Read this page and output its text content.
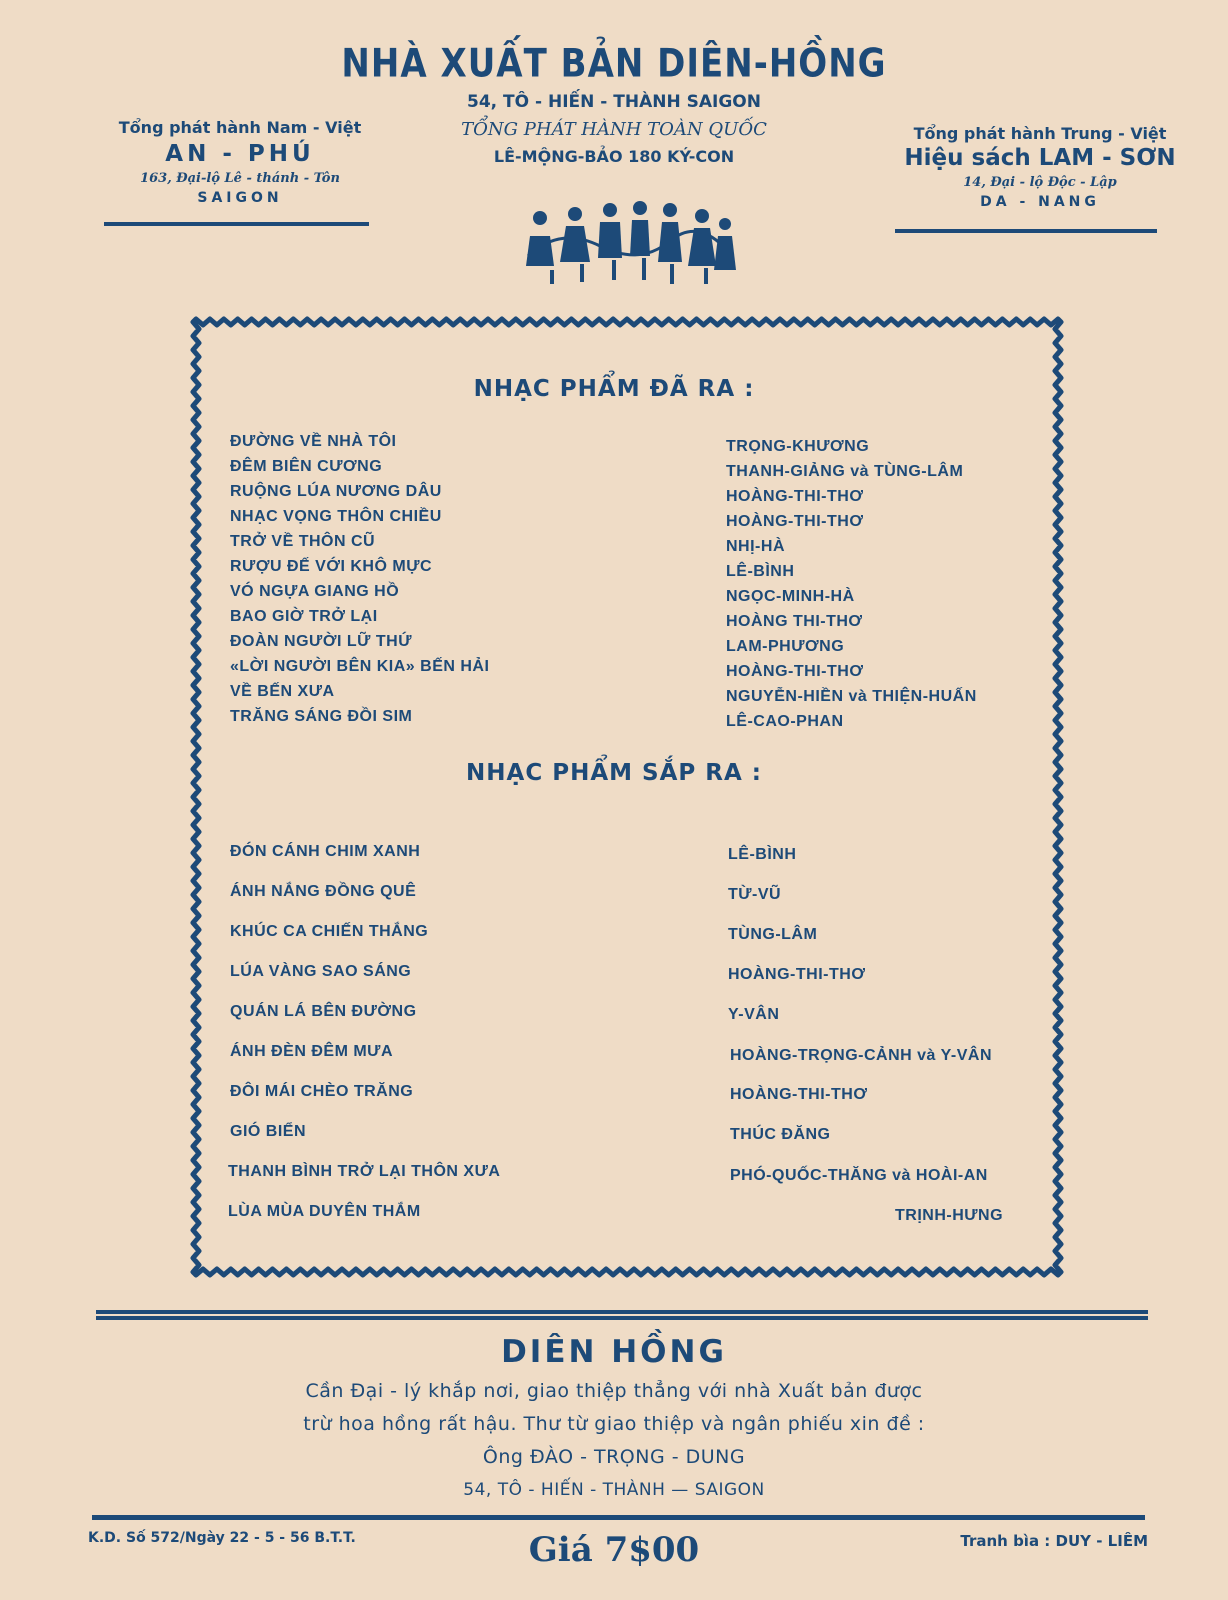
NHÀ XUẤT BẢN DIÊN-HỒNG
54, TÔ - HIẾN - THÀNH SAIGON
TỔNG PHÁT HÀNH TOÀN QUỐC
LÊ-MỘNG-BẢO 180 KÝ-CON
Tổng phát hành Nam - Việt
AN - PHÚ
163, Đại-lộ Lê - thánh - Tôn
SAIGON
Tổng phát hành Trung - Việt
Hiệu sách LAM - SƠN
14, Đại - lộ Độc - Lập
DA - NANG
NHẠC PHẨM ĐÃ RA :
ĐƯỜNG VỀ NHÀ TÔI	TRỌNG-KHƯƠNG
ĐÊM BIÊN CƯƠNG	THANH-GIẢNG và TÙNG-LÂM
RUỘNG LÚA NƯƠNG DÂU	HOÀNG-THI-THƠ
NHẠC VỌNG THÔN CHIỀU	HOÀNG-THI-THƠ
TRỞ VỀ THÔN CŨ	NHỊ-HÀ
RƯỢU ĐẾ VỚI KHÔ MỰC	LÊ-BÌNH
VÓ NGỰA GIANG HỒ	NGỌC-MINH-HÀ
BAO GIỜ TRỞ LẠI	HOÀNG THI-THƠ
ĐOÀN NGƯỜI LỮ THỨ	LAM-PHƯƠNG
«LỜI NGƯỜI BÊN KIA» BẾN HẢI	HOÀNG-THI-THƠ
VỀ BẾN XƯA	NGUYỄN-HIỀN và THIỆN-HUẤN
TRĂNG SÁNG ĐỒI SIM	LÊ-CAO-PHAN
NHẠC PHẨM SẮP RA :
ĐÓN CÁNH CHIM XANH	LÊ-BÌNH
ÁNH NẮNG ĐỒNG QUÊ	TỪ-VŨ
KHÚC CA CHIẾN THẮNG	TÙNG-LÂM
LÚA VÀNG SAO SÁNG	HOÀNG-THI-THƠ
QUÁN LÁ BÊN ĐƯỜNG	Y-VÂN
ÁNH ĐÈN ĐÊM MƯA	HOÀNG-TRỌNG-CẢNH và Y-VÂN
ĐÔI MÁI CHÈO TRĂNG	HOÀNG-THI-THƠ
GIÓ BIỂN	THÚC ĐĂNG
THANH BÌNH TRỞ LẠI THÔN XƯA	PHÓ-QUỐC-THĂNG và HOÀI-AN
LÙA MÙA DUYÊN THẮM	TRỊNH-HƯNG
DIÊN HỒNG
Cần Đại - lý khắp nơi, giao thiệp thẳng với nhà Xuất bản được
trừ hoa hồng rất hậu. Thư từ giao thiệp và ngân phiếu xin đề :
Ông ĐÀO - TRỌNG - DUNG
54, TÔ - HIẾN - THÀNH — SAIGON
K.D. Số 572/Ngày 22 - 5 - 56 B.T.T.	Giá 7$00	Tranh bìa : DUY - LIÊM
